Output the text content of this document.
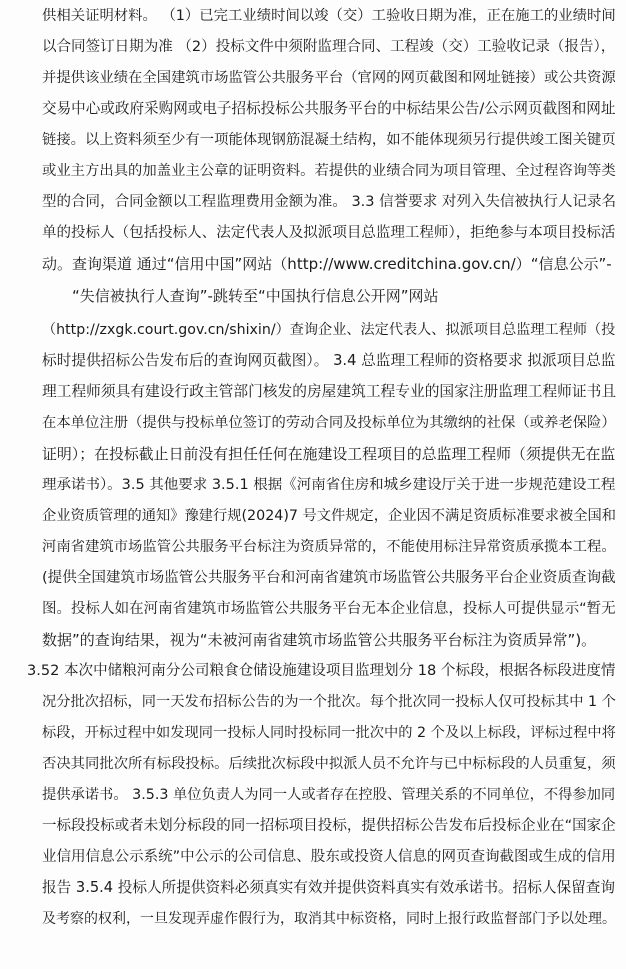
供相关证明材料。 （1）已完工业绩时间以竣（交）工验收日期为准，正在施工的业绩时间
以合同签订日期为准 （2）投标文件中须附监理合同、工程竣（交）工验收记录（报告），
并提供该业绩在全国建筑市场监管公共服务平台（官网的网页截图和网址链接）或公共资源
交易中心或政府采购网或电子招标投标公共服务平台的中标结果公告/公示网页截图和网址
链接。以上资料须至少有一项能体现钢筋混凝土结构，如不能体现须另行提供竣工图关键页
或业主方出具的加盖业主公章的证明资料。若提供的业绩合同为项目管理、全过程咨询等类
型的合同，合同金额以工程监理费用金额为准。 3.3 信誉要求 对列入失信被执行人记录名
单的投标人（包括投标人、法定代表人及拟派项目总监理工程师），拒绝参与本项目投标活
动。查询渠道 通过“信用中国”网站（http://www.creditchina.gov.cn/）“信息公示”-
“失信被执行人查询”-跳转至“中国执行信息公开网”网站
（http://zxgk.court.gov.cn/shixin/）查询企业、法定代表人、拟派项目总监理工程师（投
标时提供招标公告发布后的查询网页截图）。 3.4 总监理工程师的资格要求 拟派项目总监
理工程师须具有建设行政主管部门核发的房屋建筑工程专业的国家注册监理工程师证书且
在本单位注册（提供与投标单位签订的劳动合同及投标单位为其缴纳的社保（或养老保险）
证明）；在投标截止日前没有担任任何在施建设工程项目的总监理工程师（须提供无在监
理承诺书）。3.5 其他要求 3.5.1 根据《河南省住房和城乡建设厅关于进一步规范建设工程
企业资质管理的通知》豫建行规(2024)7 号文件规定，企业因不满足资质标准要求被全国和
河南省建筑市场监管公共服务平台标注为资质异常的，不能使用标注异常资质承揽本工程。
(提供全国建筑市场监管公共服务平台和河南省建筑市场监管公共服务平台企业资质查询截
图。投标人如在河南省建筑市场监管公共服务平台无本企业信息，投标人可提供显示“暂无
数据”的查询结果，视为“未被河南省建筑市场监管公共服务平台标注为资质异常”)。
3.52 本次中储粮河南分公司粮食仓储设施建设项目监理划分 18 个标段，根据各标段进度情
况分批次招标，同一天发布招标公告的为一个批次。每个批次同一投标人仅可投标其中 1 个
标段，开标过程中如发现同一投标人同时投标同一批次中的 2 个及以上标段，评标过程中将
否决其同批次所有标段投标。后续批次标段中拟派人员不允许与已中标标段的人员重复，须
提供承诺书。 3.5.3 单位负责人为同一人或者存在控股、管理关系的不同单位，不得参加同
一标段投标或者未划分标段的同一招标项目投标，提供招标公告发布后投标企业在“国家企
业信用信息公示系统”中公示的公司信息、股东或投资人信息的网页查询截图或生成的信用
报告 3.5.4 投标人所提供资料必须真实有效并提供资料真实有效承诺书。招标人保留查询
及考察的权利，一旦发现弄虚作假行为，取消其中标资格，同时上报行政监督部门予以处理。
